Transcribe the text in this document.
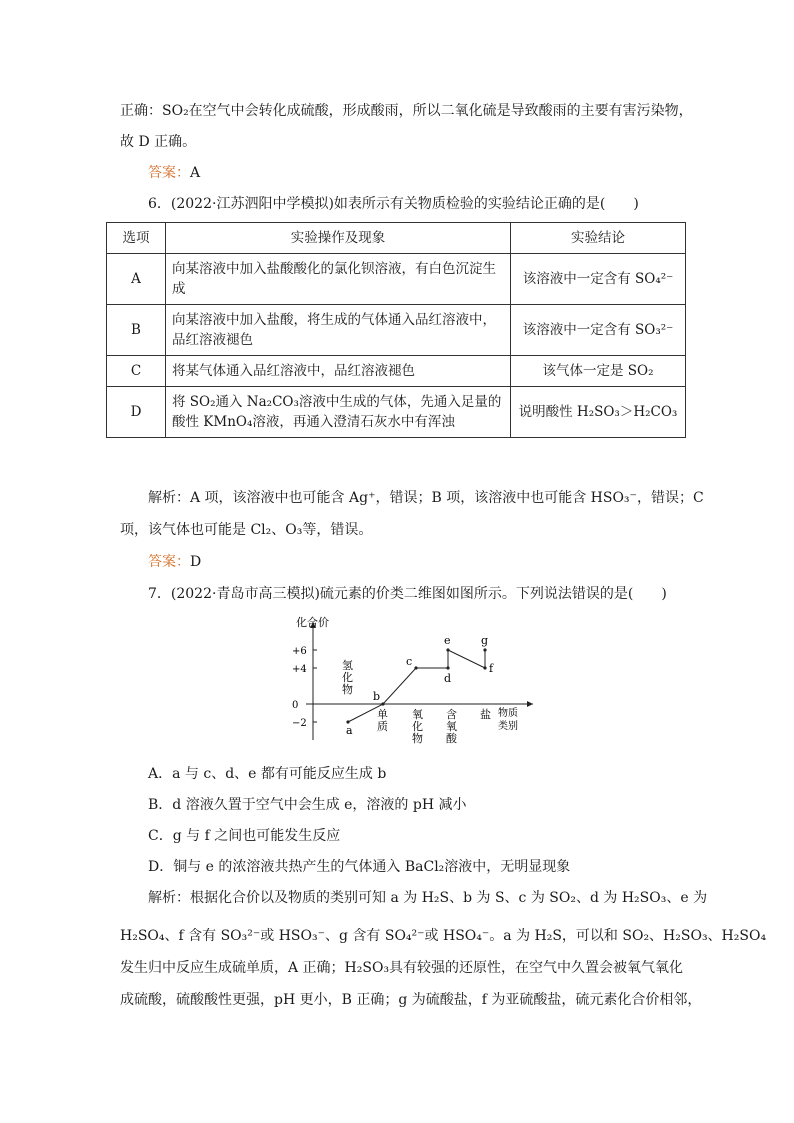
正确：SO₂在空气中会转化成硫酸，形成酸雨，所以二氧化硫是导致酸雨的主要有害污染物，
故 D 正确。
答案：A
6．(2022·江苏泗阳中学模拟)如表所示有关物质检验的实验结论正确的是(　　)
选项	实验操作及现象	实验结论
A	向某溶液中加入盐酸酸化的氯化钡溶液，有白色沉淀生成	该溶液中一定含有 SO₄²⁻
B	向某溶液中加入盐酸，将生成的气体通入品红溶液中，品红溶液褪色	该溶液中一定含有 SO₃²⁻
C	将某气体通入品红溶液中，品红溶液褪色	该气体一定是 SO₂
D	将 SO₂通入 Na₂CO₃溶液中生成的气体，先通入足量的酸性 KMnO₄溶液，再通入澄清石灰水中有浑浊	说明酸性 H₂SO₃＞H₂CO₃
解析：A 项，该溶液中也可能含 Ag⁺，错误；B 项，该溶液中也可能含 HSO₃⁻，错误；C
项，该气体也可能是 Cl₂、O₃等，错误。
答案：D
7．(2022·青岛市高三模拟)硫元素的价类二维图如图所示。下列说法错误的是(　　)
化合价
物质
类别
+6
+4
0
−2
氢
化
物
单
质
氧
化
物
含
氧
酸
盐
a
b
c
d
e
f
g
A．a 与 c、d、e 都有可能反应生成 b
B．d 溶液久置于空气中会生成 e，溶液的 pH 减小
C．g 与 f 之间也可能发生反应
D．铜与 e 的浓溶液共热产生的气体通入 BaCl₂溶液中，无明显现象
解析：根据化合价以及物质的类别可知 a 为 H₂S、b 为 S、c 为 SO₂、d 为 H₂SO₃、e 为
H₂SO₄、f 含有 SO₃²⁻或 HSO₃⁻、g 含有 SO₄²⁻或 HSO₄⁻。a 为 H₂S，可以和 SO₂、H₂SO₃、H₂SO₄
发生归中反应生成硫单质，A 正确；H₂SO₃具有较强的还原性，在空气中久置会被氧气氧化
成硫酸，硫酸酸性更强，pH 更小，B 正确；g 为硫酸盐，f 为亚硫酸盐，硫元素化合价相邻，
